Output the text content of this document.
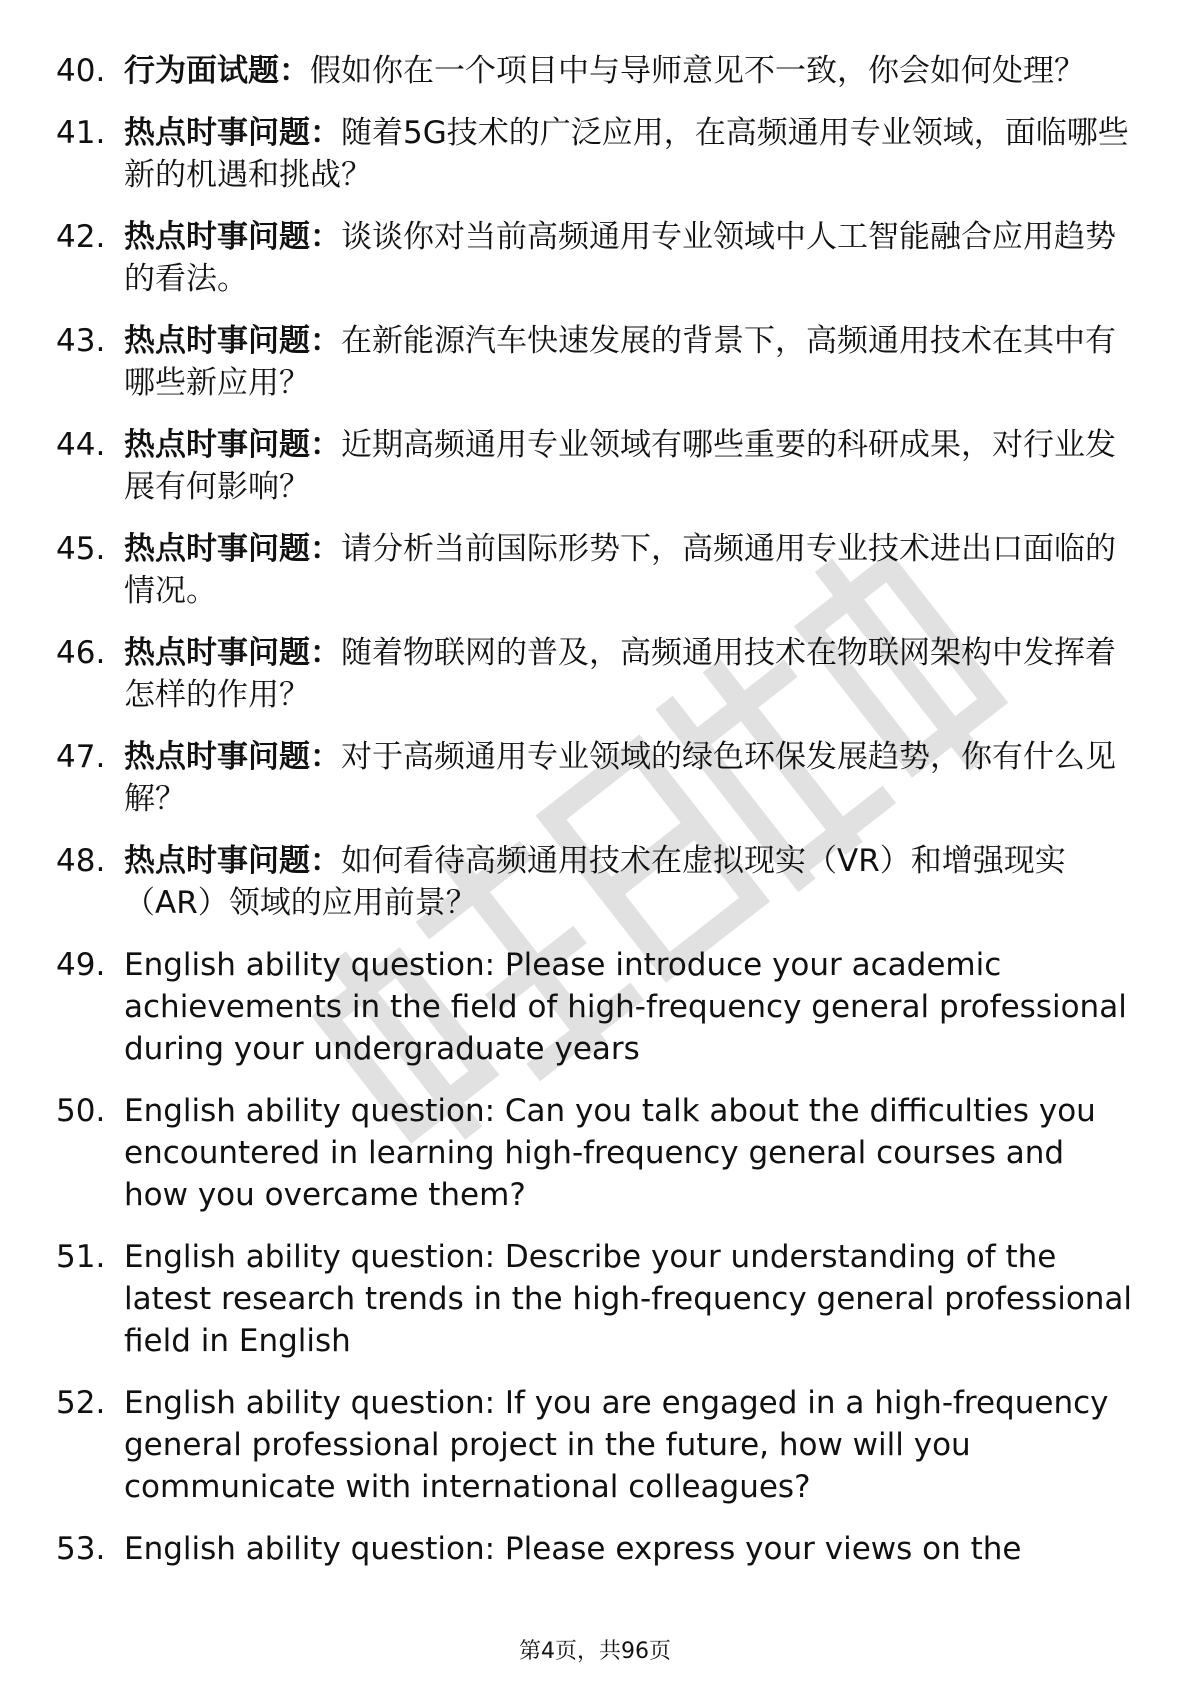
40. 行为面试题：假如你在一个项目中与导师意见不一致，你会如何处理？
41. 热点时事问题：随着5G技术的广泛应用，在高频通用专业领域，面临哪些新的机遇和挑战？
42. 热点时事问题：谈谈你对当前高频通用专业领域中人工智能融合应用趋势的看法。
43. 热点时事问题：在新能源汽车快速发展的背景下，高频通用技术在其中有哪些新应用？
44. 热点时事问题：近期高频通用专业领域有哪些重要的科研成果，对行业发展有何影响？
45. 热点时事问题：请分析当前国际形势下，高频通用专业技术进出口面临的情况。
46. 热点时事问题：随着物联网的普及，高频通用技术在物联网架构中发挥着怎样的作用？
47. 热点时事问题：对于高频通用专业领域的绿色环保发展趋势，你有什么见解？
48. 热点时事问题：如何看待高频通用技术在虚拟现实（VR）和增强现实（AR）领域的应用前景？
49. English ability question: Please introduce your academic achievements in the field of high-frequency general professional during your undergraduate years
50. English ability question: Can you talk about the difficulties you encountered in learning high-frequency general courses and how you overcame them?
51. English ability question: Describe your understanding of the latest research trends in the high-frequency general professional field in English
52. English ability question: If you are engaged in a high-frequency general professional project in the future, how will you communicate with international colleagues?
53. English ability question: Please express your views on the
第4页，共96页
